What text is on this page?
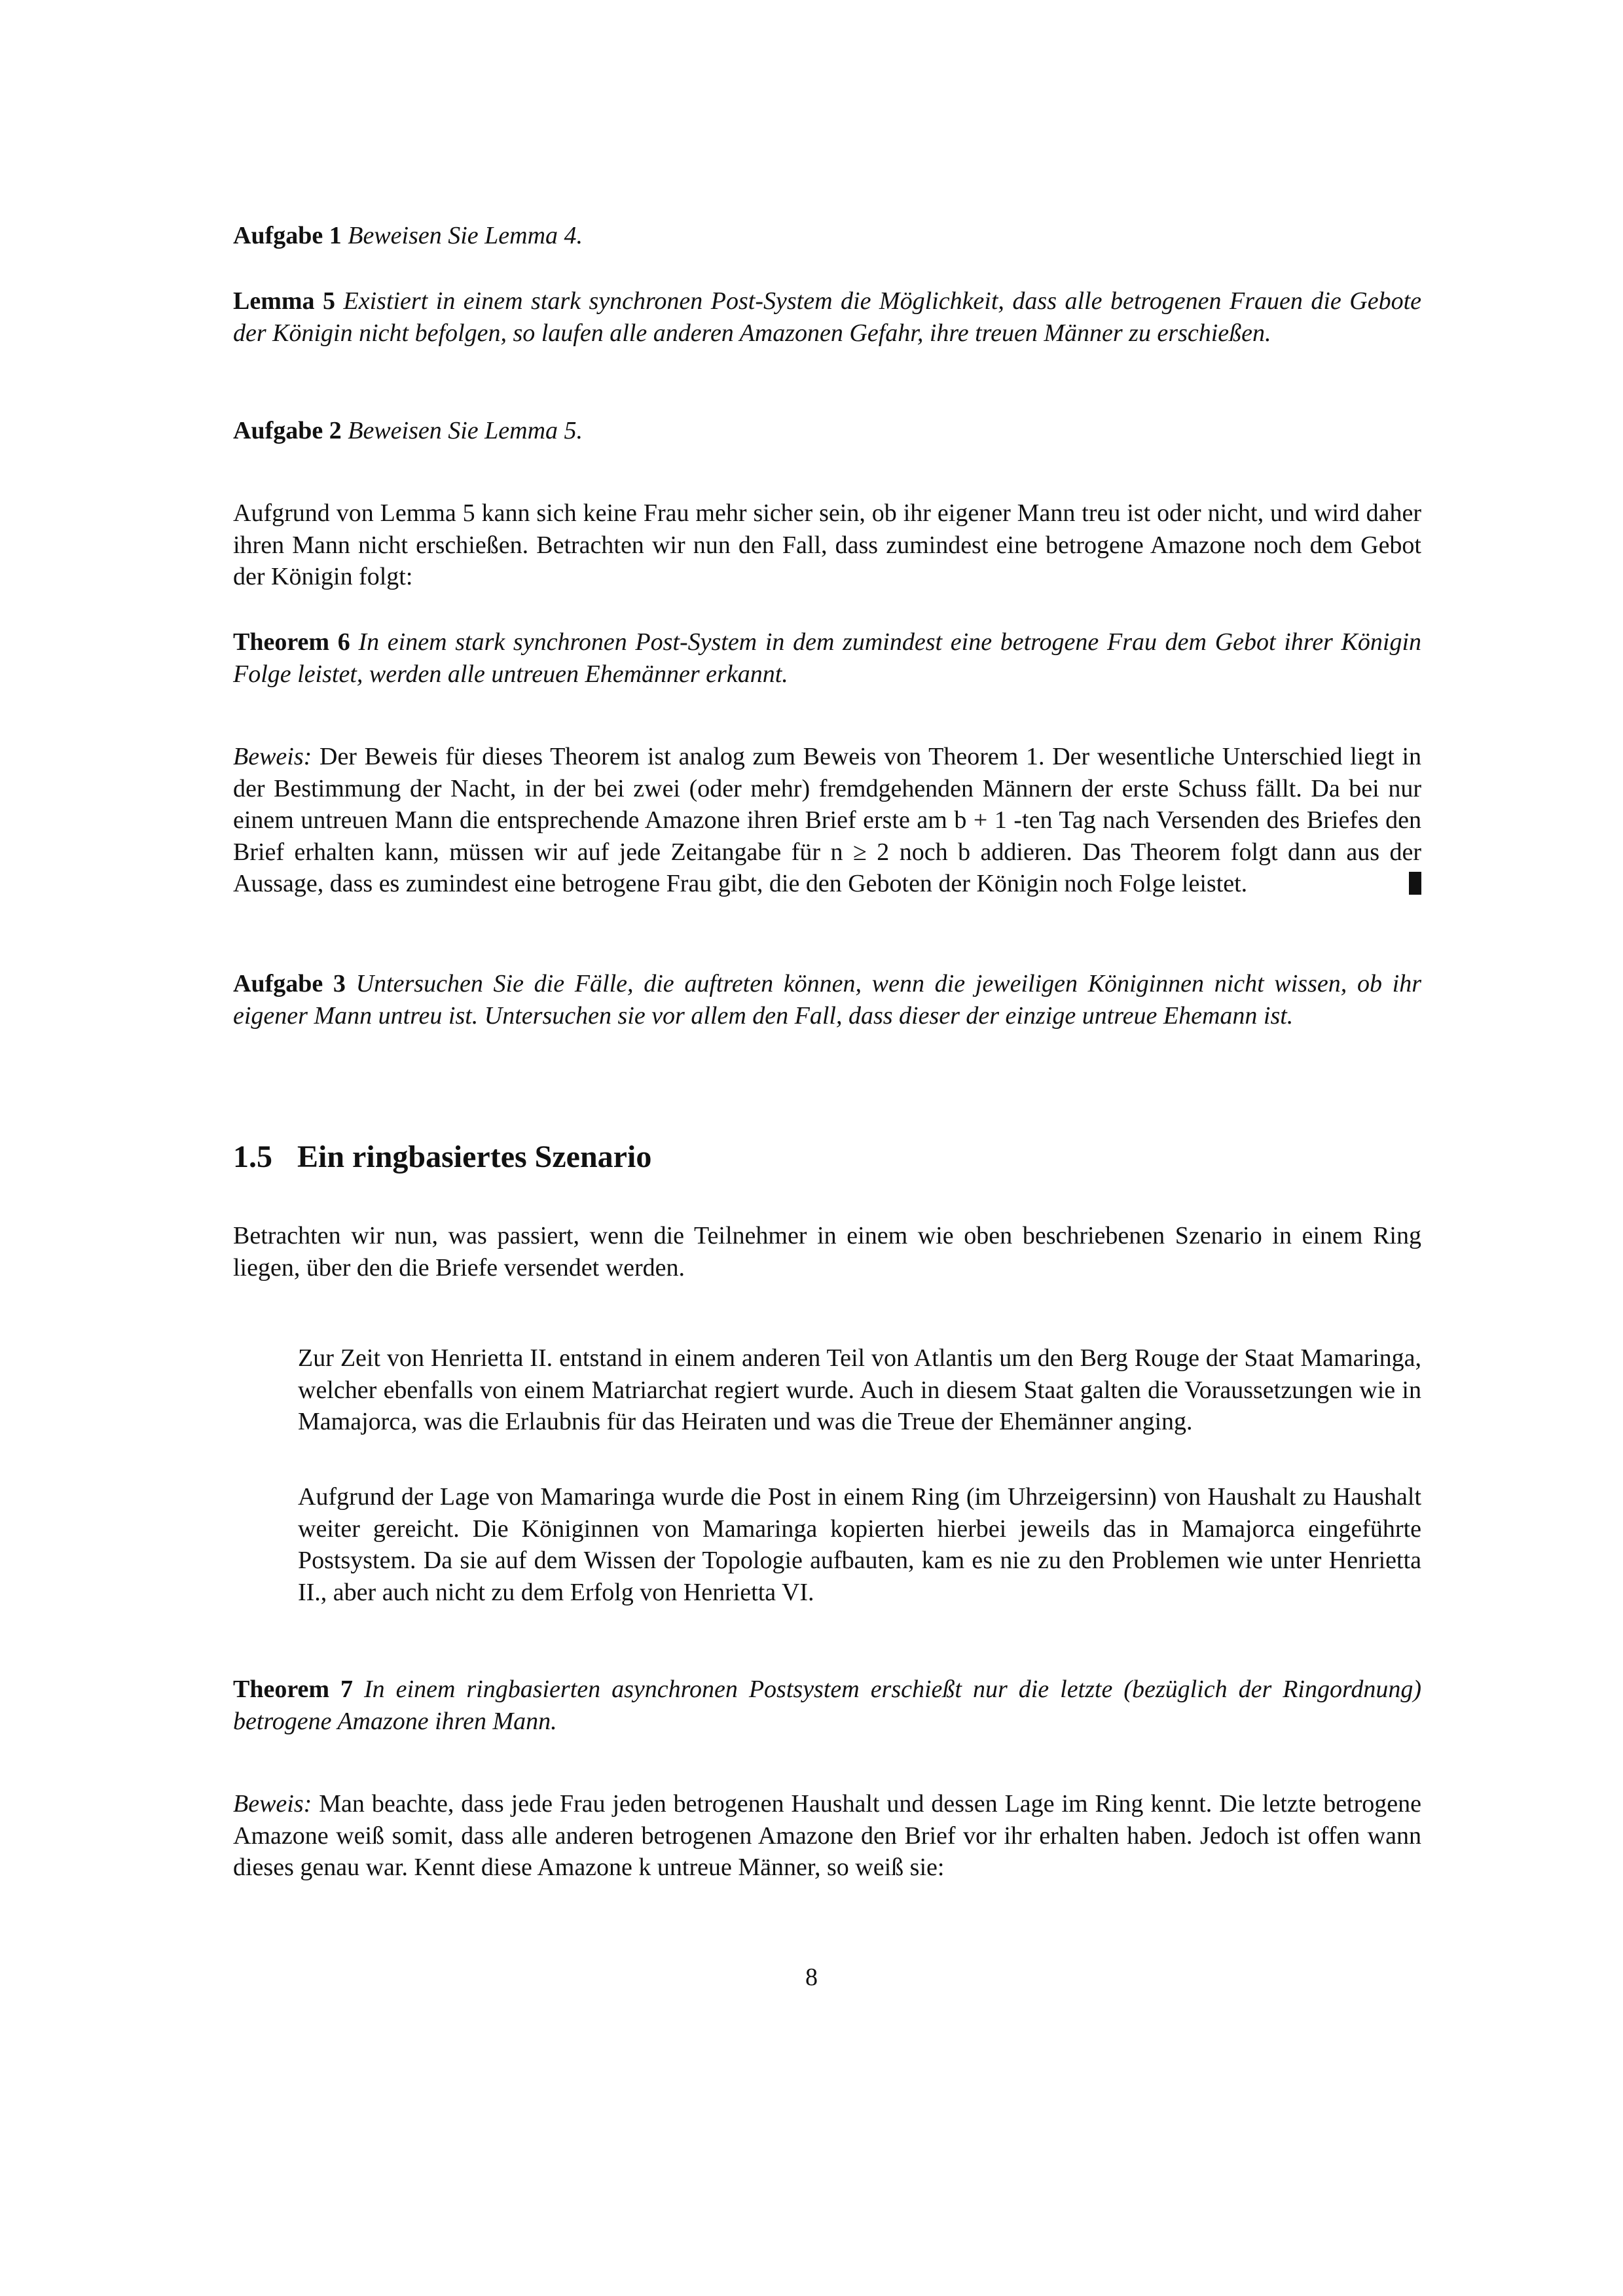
Aufgabe 1 Beweisen Sie Lemma 4.
Lemma 5 Existiert in einem stark synchronen Post-System die Möglichkeit, dass alle betrogenen Frauen die Gebote der Königin nicht befolgen, so laufen alle anderen Amazonen Gefahr, ihre treuen Männer zu erschießen.
Aufgabe 2 Beweisen Sie Lemma 5.
Aufgrund von Lemma 5 kann sich keine Frau mehr sicher sein, ob ihr eigener Mann treu ist oder nicht, und wird daher ihren Mann nicht erschießen. Betrachten wir nun den Fall, dass zumindest eine betrogene Amazone noch dem Gebot der Königin folgt:
Theorem 6 In einem stark synchronen Post-System in dem zumindest eine betrogene Frau dem Gebot ihrer Königin Folge leistet, werden alle untreuen Ehemänner erkannt.
Beweis: Der Beweis für dieses Theorem ist analog zum Beweis von Theorem 1. Der wesentliche Unterschied liegt in der Bestimmung der Nacht, in der bei zwei (oder mehr) fremdgehenden Männern der erste Schuss fällt. Da bei nur einem untreuen Mann die entsprechende Amazone ihren Brief erste am b + 1 -ten Tag nach Versenden des Briefes den Brief erhalten kann, müssen wir auf jede Zeitangabe für n ≥ 2 noch b addieren. Das Theorem folgt dann aus der Aussage, dass es zumindest eine betrogene Frau gibt, die den Geboten der Königin noch Folge leistet.
Aufgabe 3 Untersuchen Sie die Fälle, die auftreten können, wenn die jeweiligen Königinnen nicht wissen, ob ihr eigener Mann untreu ist. Untersuchen sie vor allem den Fall, dass dieser der einzige untreue Ehemann ist.
1.5 Ein ringbasiertes Szenario
Betrachten wir nun, was passiert, wenn die Teilnehmer in einem wie oben beschriebenen Szenario in einem Ring liegen, über den die Briefe versendet werden.
Zur Zeit von Henrietta II. entstand in einem anderen Teil von Atlantis um den Berg Rouge der Staat Mamaringa, welcher ebenfalls von einem Matriarchat regiert wurde. Auch in diesem Staat galten die Voraussetzungen wie in Mamajorca, was die Erlaubnis für das Heiraten und was die Treue der Ehemänner anging.
Aufgrund der Lage von Mamaringa wurde die Post in einem Ring (im Uhrzeigersinn) von Haushalt zu Haushalt weiter gereicht. Die Königinnen von Mamaringa kopierten hierbei jeweils das in Mamajorca eingeführte Postsystem. Da sie auf dem Wissen der Topologie aufbauten, kam es nie zu den Problemen wie unter Henrietta II., aber auch nicht zu dem Erfolg von Henrietta VI.
Theorem 7 In einem ringbasierten asynchronen Postsystem erschießt nur die letzte (bezüglich der Ringordnung) betrogene Amazone ihren Mann.
Beweis: Man beachte, dass jede Frau jeden betrogenen Haushalt und dessen Lage im Ring kennt. Die letzte betrogene Amazone weiß somit, dass alle anderen betrogenen Amazone den Brief vor ihr erhalten haben. Jedoch ist offen wann dieses genau war. Kennt diese Amazone k untreue Männer, so weiß sie:
8
